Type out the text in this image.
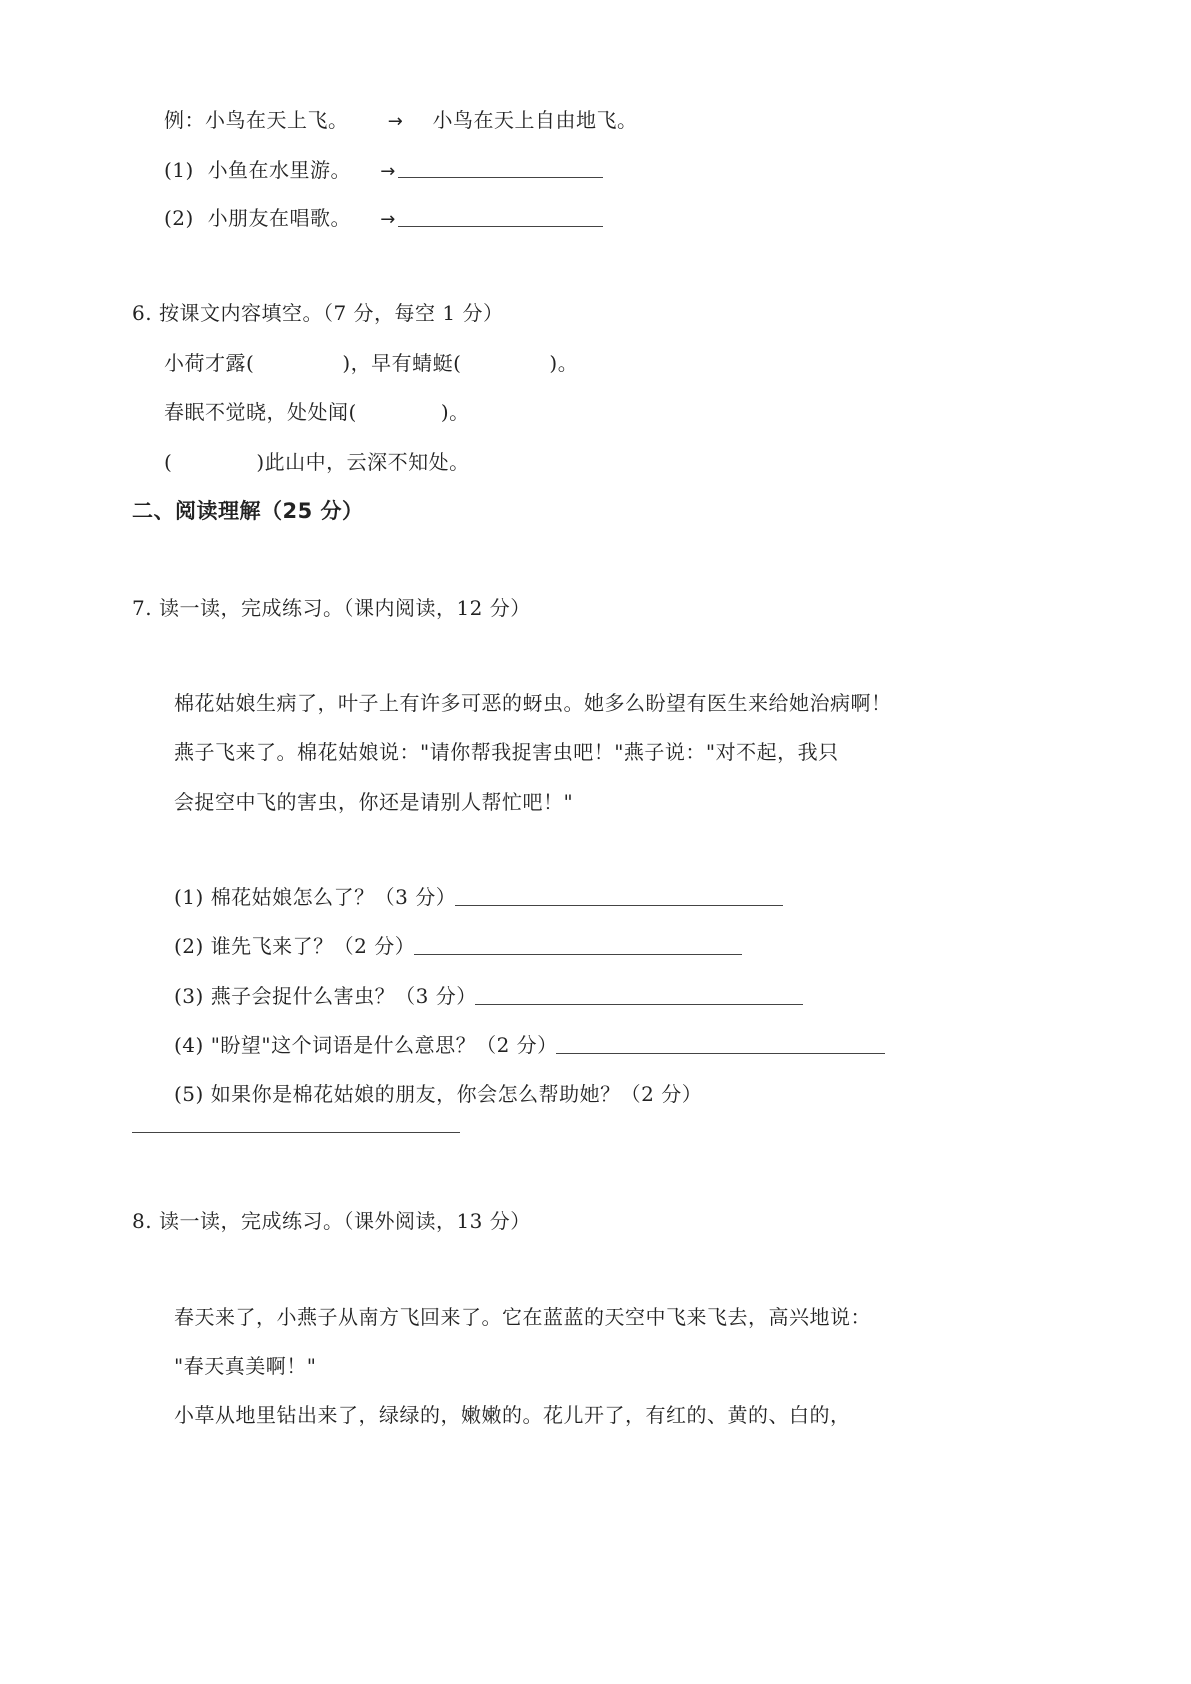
例：小鸟在天上飞。 → 小鸟在天上自由地飞。
(1) 小鱼在水里游。 →
(2) 小朋友在唱歌。 →
6. 按课文内容填空。（7 分，每空 1 分）
小荷才露(	)，早有蜻蜓(	)。
春眠不觉晓，处处闻(	)。
(	)此山中，云深不知处。
二、阅读理解（25 分）
7. 读一读，完成练习。（课内阅读，12 分）
棉花姑娘生病了，叶子上有许多可恶的蚜虫。她多么盼望有医生来给她治病啊！
燕子飞来了。棉花姑娘说："请你帮我捉害虫吧！"燕子说："对不起，我只
会捉空中飞的害虫，你还是请别人帮忙吧！"
(1) 棉花姑娘怎么了？（3 分）
(2) 谁先飞来了？（2 分）
(3) 燕子会捉什么害虫？（3 分）
(4) "盼望"这个词语是什么意思？（2 分）
(5) 如果你是棉花姑娘的朋友，你会怎么帮助她？（2 分）
8. 读一读，完成练习。（课外阅读，13 分）
春天来了，小燕子从南方飞回来了。它在蓝蓝的天空中飞来飞去，高兴地说：
"春天真美啊！"
小草从地里钻出来了，绿绿的，嫩嫩的。花儿开了，有红的、黄的、白的，
